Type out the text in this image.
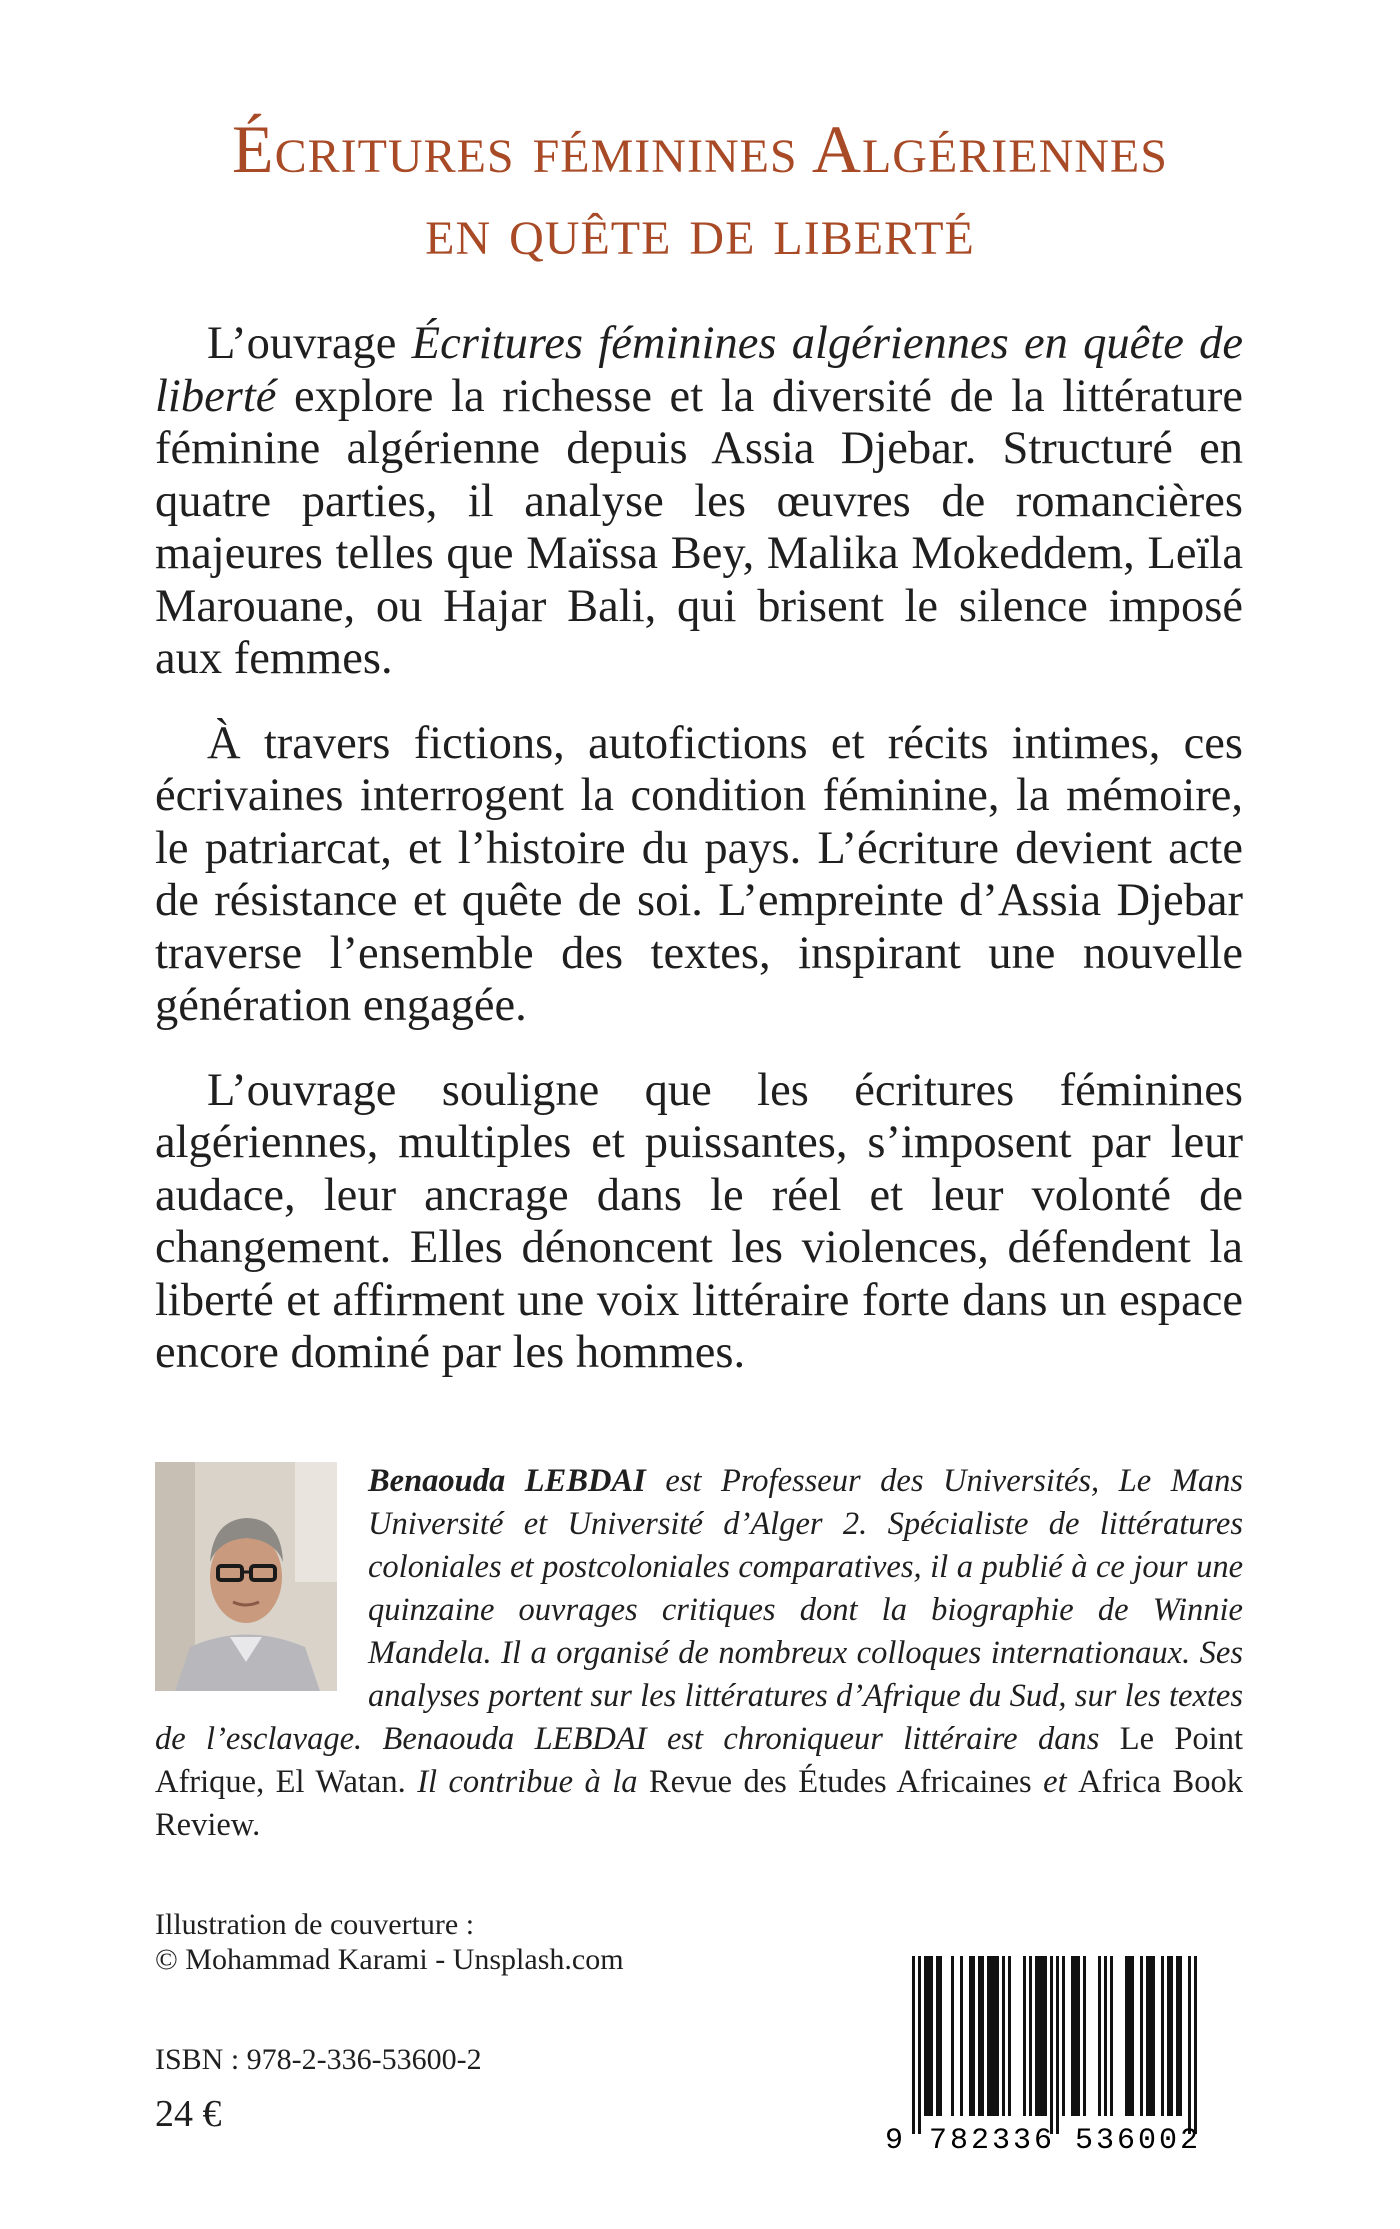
Écritures féminines Algériennes
en quête de liberté

L’ouvrage Écritures féminines algériennes en quête de liberté explore la richesse et la diversité de la littérature féminine algérienne depuis Assia Djebar. Structuré en quatre parties, il analyse les œuvres de romancières majeures telles que Maïssa Bey, Malika Mokeddem, Leïla Marouane, ou Hajar Bali, qui brisent le silence imposé aux femmes.

À travers fictions, autofictions et récits intimes, ces écrivaines interrogent la condition féminine, la mémoire, le patriarcat, et l’histoire du pays. L’écriture devient acte de résistance et quête de soi. L’empreinte d’Assia Djebar traverse l’ensemble des textes, inspirant une nouvelle génération engagée.

L’ouvrage souligne que les écritures féminines algériennes, multiples et puissantes, s’imposent par leur audace, leur ancrage dans le réel et leur volonté de changement. Elles dénoncent les violences, défendent la liberté et affirment une voix littéraire forte dans un espace encore dominé par les hommes.

Benaouda LEBDAI est Professeur des Universités, Le Mans Université et Université d’Alger 2. Spécialiste de littératures coloniales et postcoloniales comparatives, il a publié à ce jour une quinzaine ouvrages critiques dont la biographie de Winnie Mandela. Il a organisé de nombreux colloques internationaux. Ses analyses portent sur les littératures d’Afrique du Sud, sur les textes de l’esclavage. Benaouda LEBDAI est chroniqueur littéraire dans Le Point Afrique, El Watan. Il contribue à la Revue des Études Africaines et Africa Book Review.
Illustration de couverture :
© Mohammad Karami - Unsplash.com
ISBN : 978-2-336-53600-2
24 €
9 782336 536002
